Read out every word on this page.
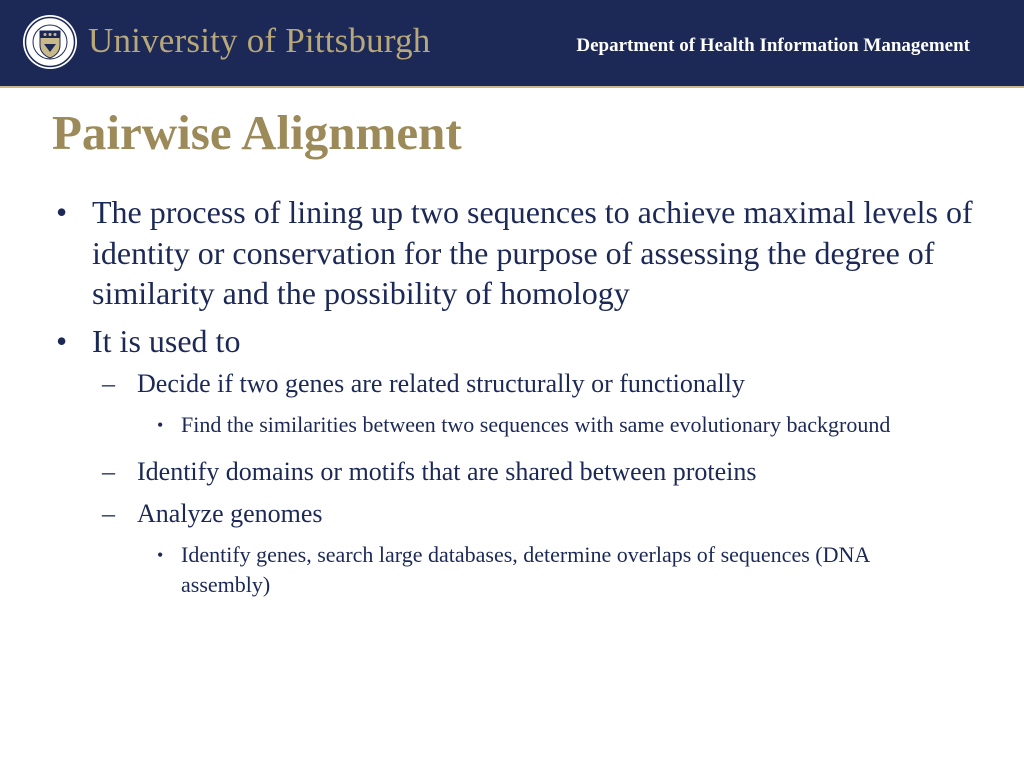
University of Pittsburgh	Department of Health Information Management
Pairwise Alignment
• The process of lining up two sequences to achieve maximal levels of identity or conservation for the purpose of assessing the degree of similarity and the possibility of homology
• It is used to
– Decide if two genes are related structurally or functionally
• Find the similarities between two sequences with same evolutionary background
– Identify domains or motifs that are shared between proteins
– Analyze genomes
• Identify genes, search large databases, determine overlaps of sequences (DNA assembly)
